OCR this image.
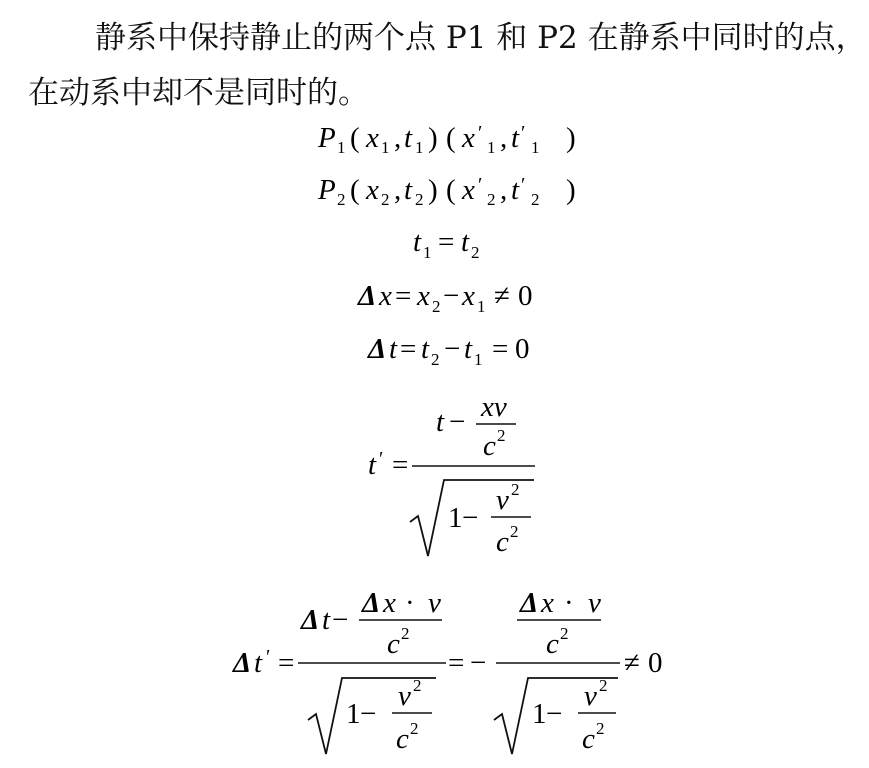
静系中保持静止的两个点 P1 和 P2 在静系中同时的点，
在动系中却不是同时的。
P 1 ( x 1 , t 1 ) ( x ′
1 , t ′
1 )
P 2 ( x 2 , t 2 ) ( x ′
2 , t ′
2 )
t 1 = t 2
Δ x = x 2 − x 1 ≠ 0
Δ t = t 2 − t 1 = 0
t ′ =
t − xv
c 2
1 −
v 2
c 2
Δ t ′ =
Δ t −
Δ x · v
c 2
1 −
v 2
c 2
= −
Δ x · v
c 2
1 −
v 2
c 2
≠ 0
